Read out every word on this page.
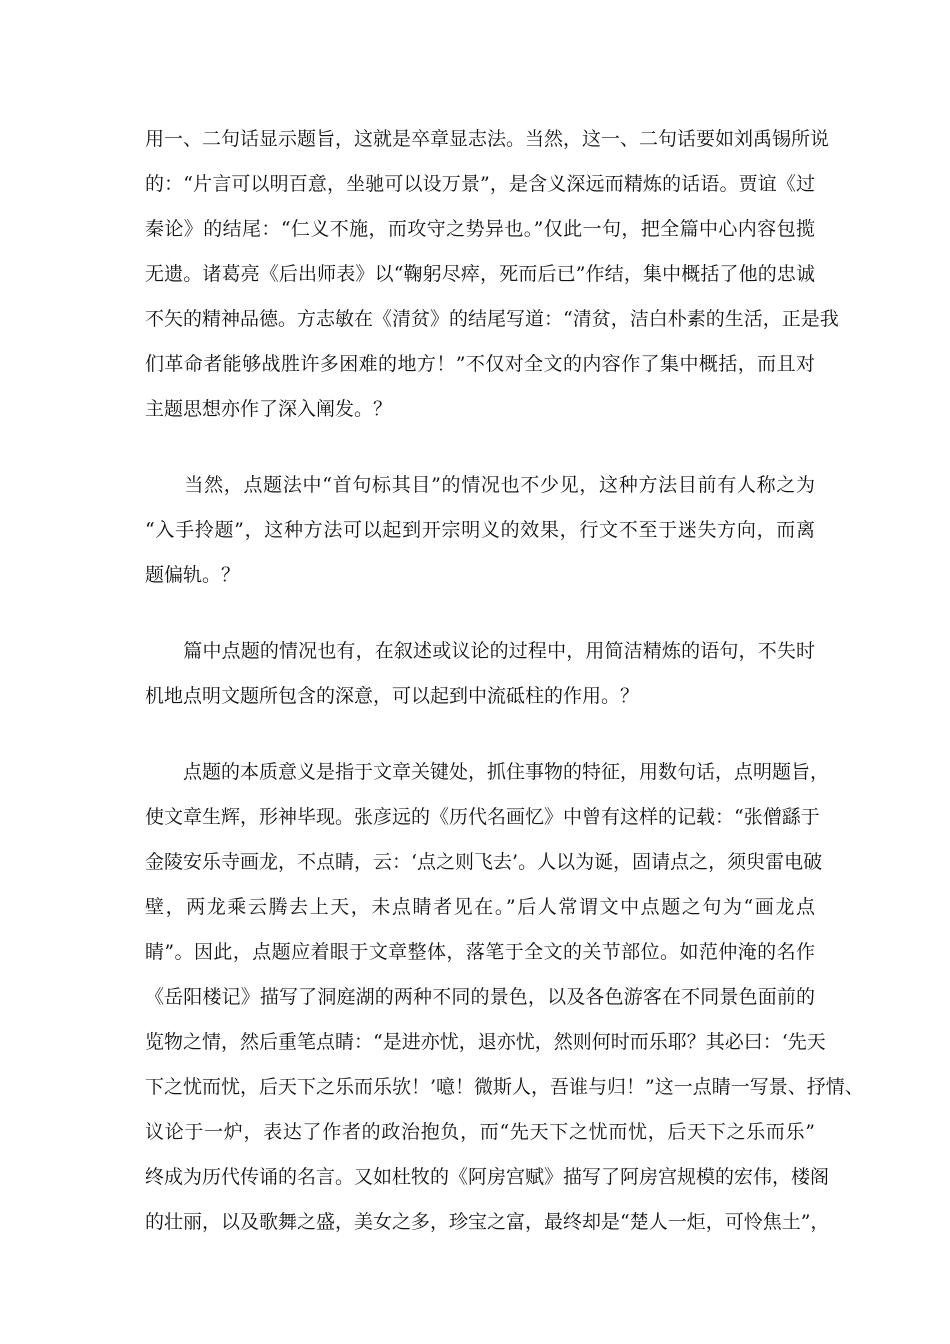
用一、二句话显示题旨，这就是卒章显志法。当然，这一、二句话要如刘禹锡所说
的：“片言可以明百意，坐驰可以设万景”，是含义深远而精炼的话语。贾谊《过
秦论》的结尾：“仁义不施，而攻守之势异也。”仅此一句，把全篇中心内容包揽
无遗。诸葛亮《后出师表》以“鞠躬尽瘁，死而后已”作结，集中概括了他的忠诚
不矢的精神品德。方志敏在《清贫》的结尾写道：“清贫，洁白朴素的生活，正是我
们革命者能够战胜许多困难的地方！”不仅对全文的内容作了集中概括，而且对
主题思想亦作了深入阐发。？
　　当然，点题法中“首句标其目”的情况也不少见，这种方法目前有人称之为
“入手拎题”，这种方法可以起到开宗明义的效果，行文不至于迷失方向，而离
题偏轨。？
　　篇中点题的情况也有，在叙述或议论的过程中，用简洁精炼的语句，不失时
机地点明文题所包含的深意，可以起到中流砥柱的作用。？
　　点题的本质意义是指于文章关键处，抓住事物的特征，用数句话，点明题旨，
使文章生辉，形神毕现。张彦远的《历代名画忆》中曾有这样的记载：“张僧繇于
金陵安乐寺画龙，不点睛，云：‘点之则飞去’。人以为诞，固请点之，须臾雷电破
壁，两龙乘云腾去上天，未点睛者见在。”后人常谓文中点题之句为“画龙点
睛”。因此，点题应着眼于文章整体，落笔于全文的关节部位。如范仲淹的名作
《岳阳楼记》描写了洞庭湖的两种不同的景色，以及各色游客在不同景色面前的
览物之情，然后重笔点睛：“是进亦忧，退亦忧，然则何时而乐耶？其必曰：‘先天
下之忧而忧，后天下之乐而乐欤！’噫！微斯人，吾谁与归！”这一点睛一写景、抒情、
议论于一炉，表达了作者的政治抱负，而“先天下之忧而忧，后天下之乐而乐”
终成为历代传诵的名言。又如杜牧的《阿房宫赋》描写了阿房宫规模的宏伟，楼阁
的壮丽，以及歌舞之盛，美女之多，珍宝之富，最终却是“楚人一炬，可怜焦土”，
